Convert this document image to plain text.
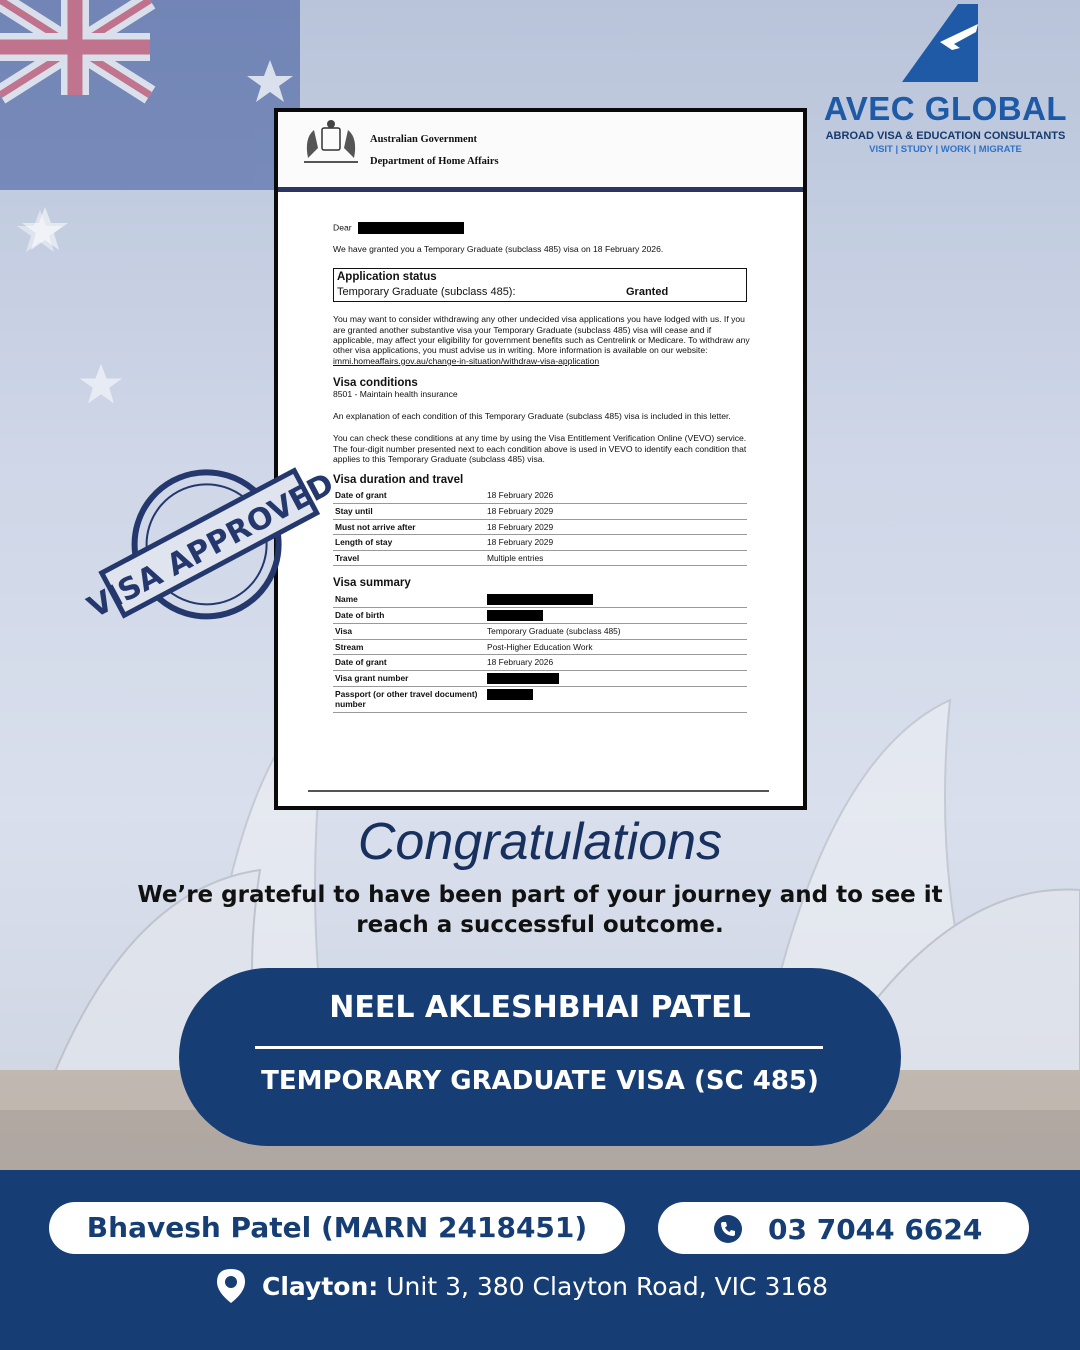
AVEC GLOBAL
ABROAD VISA & EDUCATION CONSULTANTS
VISIT | STUDY | WORK | MIGRATE
Australian Government
Department of Home Affairs
Dear
We have granted you a Temporary Graduate (subclass 485) visa on 18 February 2026.
Application status
Temporary Graduate (subclass 485):	Granted
You may want to consider withdrawing any other undecided visa applications you have lodged with us. If you are granted another substantive visa your Temporary Graduate (subclass 485) visa will cease and if applicable, may affect your eligibility for government benefits such as Centrelink or Medicare. To withdraw any other visa applications, you must advise us in writing. More information is available on our website: immi.homeaffairs.gov.au/change-in-situation/withdraw-visa-application
Visa conditions
8501 - Maintain health insurance
An explanation of each condition of this Temporary Graduate (subclass 485) visa is included in this letter.
You can check these conditions at any time by using the Visa Entitlement Verification Online (VEVO) service. The four-digit number presented next to each condition above is used in VEVO to identify each condition that applies to this Temporary Graduate (subclass 485) visa.
Visa duration and travel
Date of grant	18 February 2026
Stay until	18 February 2029
Must not arrive after	18 February 2029
Length of stay	18 February 2029
Travel	Multiple entries
Visa summary
Name	
Date of birth	
Visa	Temporary Graduate (subclass 485)
Stream	Post-Higher Education Work
Date of grant	18 February 2026
Visa grant number	
Passport (or other travel document) number	
VISA APPROVED
Congratulations
We’re grateful to have been part of your journey and to see it reach a successful outcome.
NEEL AKLESHBHAI PATEL
TEMPORARY GRADUATE VISA (SC 485)
Bhavesh Patel (MARN 2418451)	03 7044 6624
Clayton: Unit 3, 380 Clayton Road, VIC 3168
